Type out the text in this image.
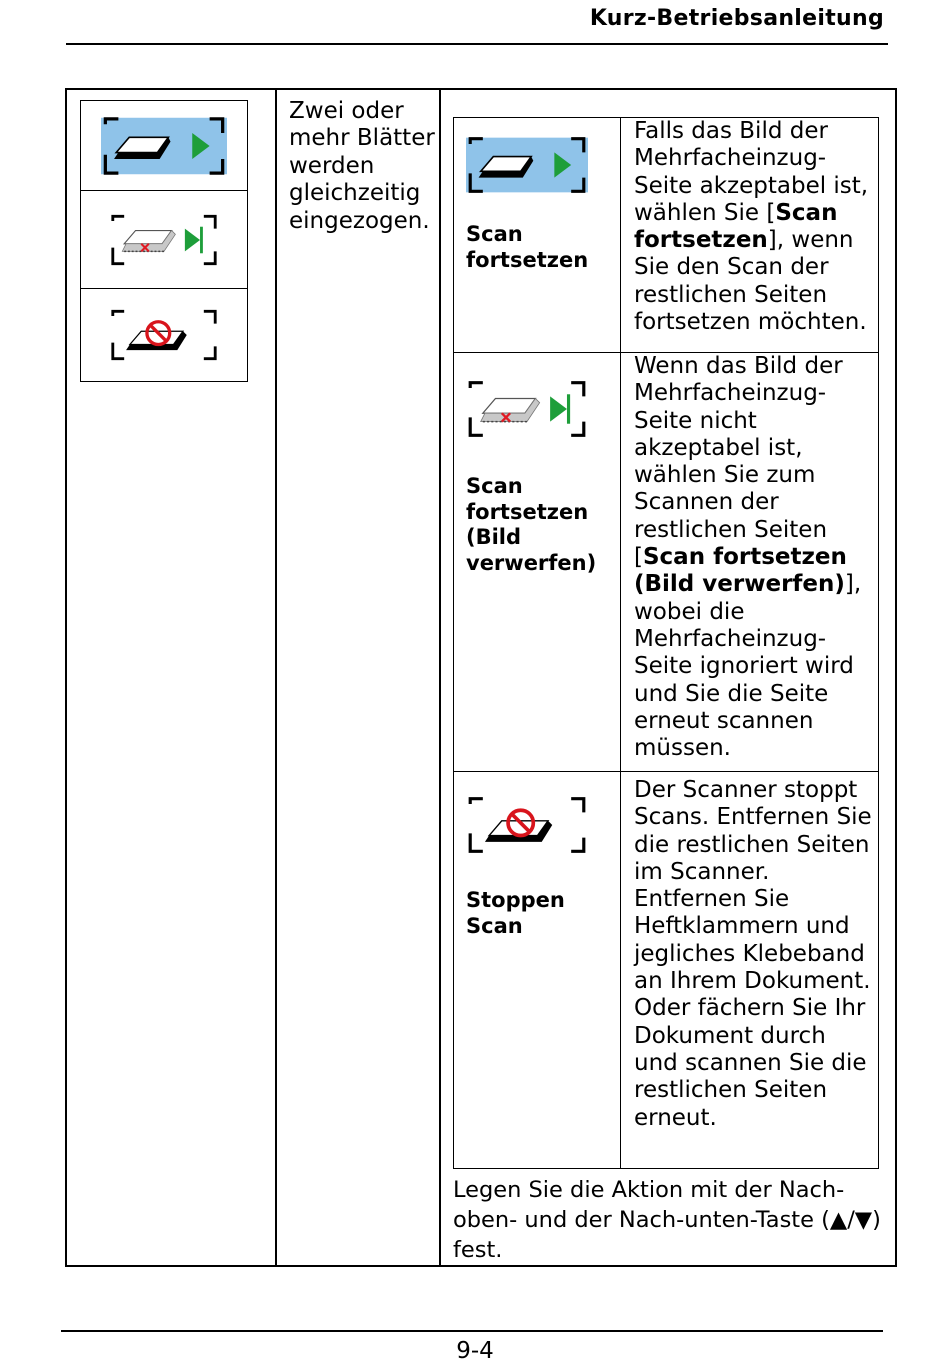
Kurz-Betriebsanleitung
Zwei oder mehr Blätter werden gleichzeitig eingezogen.
Scan fortsetzen
Falls das Bild der Mehrfacheinzug-Seite akzeptabel ist, wählen Sie [Scan fortsetzen], wenn Sie den Scan der restlichen Seiten fortsetzen möchten.
Scan fortsetzen (Bild verwerfen)
Wenn das Bild der Mehrfacheinzug-Seite nicht akzeptabel ist, wählen Sie zum Scannen der restlichen Seiten [Scan fortsetzen (Bild verwerfen)], wobei die Mehrfacheinzug-Seite ignoriert wird und Sie die Seite erneut scannen müssen.
Stoppen Scan
Der Scanner stoppt Scans. Entfernen Sie die restlichen Seiten im Scanner. Entfernen Sie Heftklammern und jegliches Klebeband an Ihrem Dokument. Oder fächern Sie Ihr Dokument durch und scannen Sie die restlichen Seiten erneut.
Legen Sie die Aktion mit der Nach-oben- und der Nach-unten-Taste (▲/▼) fest.
9-4
